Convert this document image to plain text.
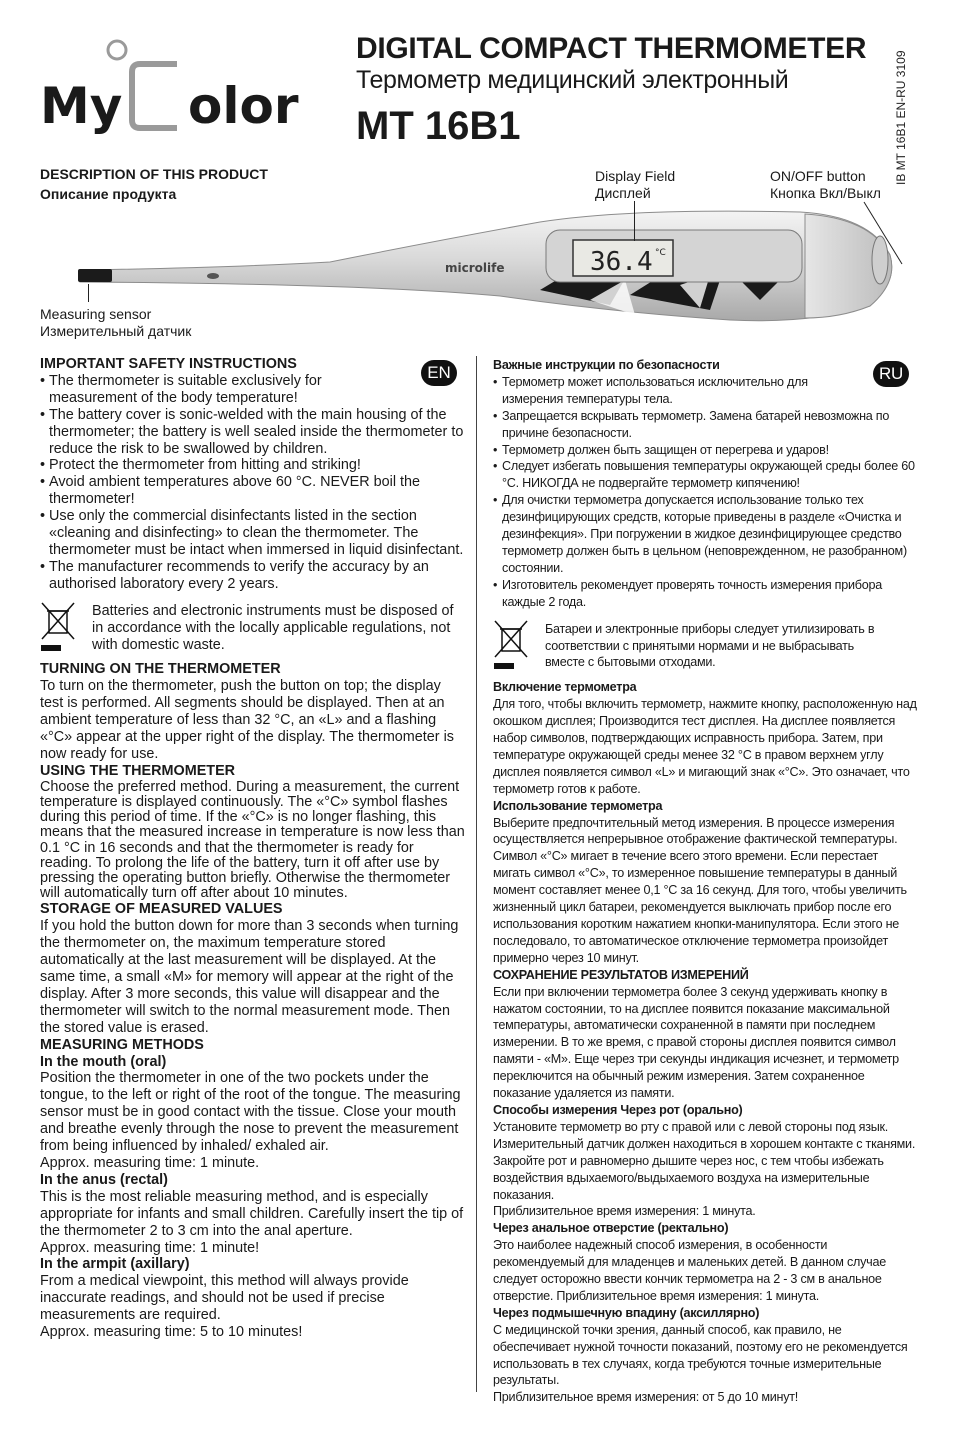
My olor
DIGITAL COMPACT THERMOMETER
Термометр медицинский электронный
MT 16B1	IB MT 16B1 EN-RU 3109
DESCRIPTION OF THIS PRODUCT
Описание продукта
Display Field
Дисплей
ON/OFF button
Кнопка Вкл/Выкл
Measuring sensor
Измерительный датчик
microlife	36.4 °C
EN
IMPORTANT SAFETY INSTRUCTIONS
• The thermometer is suitable exclusively for measurement of the body temperature!
• The battery cover is sonic-welded with the main housing of the thermometer; the battery is well sealed inside the thermometer to reduce the risk to be swallowed by children.
• Protect the thermometer from hitting and striking!
• Avoid ambient temperatures above 60 °C. NEVER boil the thermometer!
• Use only the commercial disinfectants listed in the section «cleaning and disinfecting» to clean the thermometer. The thermometer must be intact when immersed in liquid disinfectant.
• The manufacturer recommends to verify the accuracy by an authorised laboratory every 2 years.

Batteries and electronic instruments must be disposed of in accordance with the locally applicable regulations, not with domestic waste.

TURNING ON THE THERMOMETER

To turn on the thermometer, push the button on top; the display test is performed. All segments should be displayed. Then at an ambient temperature of less than 32 °C, an «L» and a flashing «°C» appear at the upper right of the display. The thermometer is now ready for use.

USING THE THERMOMETER

Choose the preferred method. During a measurement, the current temperature is displayed continuously. The «°C» symbol flashes during this period of time. If the «°C» is no longer flashing, this means that the measured increase in temperature is now less than 0.1 °C in 16 seconds and that the thermometer is ready for reading. To prolong the life of the battery, turn it off after use by pressing the operating button briefly. Otherwise the thermometer will automatically turn off after about 10 minutes.

STORAGE OF MEASURED VALUES

If you hold the button down for more than 3 seconds when turning the thermometer on, the maximum temperature stored automatically at the last measurement will be displayed. At the same time, a small «M» for memory will appear at the right of the display. After 3 more seconds, this value will disappear and the thermometer will switch to the normal measurement mode. Then the stored value is erased.

MEASURING METHODS
In the mouth (oral)

Position the thermometer in one of the two pockets under the tongue, to the left or right of the root of the tongue. The measuring sensor must be in good contact with the tissue. Close your mouth and breathe evenly through the nose to prevent the measurement from being influenced by inhaled/ exhaled air.

Approx. measuring time: 1 minute.

In the anus (rectal)

This is the most reliable measuring method, and is especially appropriate for infants and small children. Carefully insert the tip of the thermometer 2 to 3 cm into the anal aperture.

Approx. measuring time: 1 minute!

In the armpit (axillary)

From a medical viewpoint, this method will always provide inaccurate readings, and should not be used if precise measurements are required.

Approx. measuring time: 5 to 10 minutes!

RU
Важные инструкции по безопасности
• Термометр может использоваться исключительно для измерения температуры тела.
• Запрещается вскрывать термометр. Замена батарей невозможна по причине безопасности.
• Термометр должен быть защищен от перегрева и ударов!
• Следует избегать повышения температуры окружающей среды более 60 °C. НИКОГДА не подвергайте термометр кипячению!
• Для очистки термометра допускается использование только тех дезинфицирующих средств, которые приведены в разделе «Очистка и дезинфекция». При погружении в жидкое дезинфицирующее средство термометр должен быть в цельном (неповрежденном, не разобранном) состоянии.
• Изготовитель рекомендует проверять точность измерения прибора каждые 2 года.

Батареи и электронные приборы следует утилизировать в соответствии с принятыми нормами и не выбрасывать вместе с бытовыми отходами.

Включение термометра

Для того, чтобы включить термометр, нажмите кнопку, расположенную над окошком дисплея; Производится тест дисплея. На дисплее появляется набор символов, подтверждающих исправность прибора. Затем, при температуре окружающей среды менее 32 °C в правом верхнем углу дисплея появляется символ «L» и мигающий знак «°C». Это означает, что термометр готов к работе.

Использование термометра

Выберите предпочтительный метод измерения. В процессе измерения осуществляется непрерывное отображение фактической температуры. Символ «°C» мигает в течение всего этого времени. Если перестает мигать символ «°C», то измеренное повышение температуры в данный момент составляет менее 0,1 °C за 16 секунд. Для того, чтобы увеличить жизненный цикл батареи, рекомендуется выключать прибор после его использования коротким нажатием кнопки-манипулятора. Если этого не последовало, то автоматическое отключение термометра произойдет примерно через 10 минут.

СОХРАНЕНИЕ РЕЗУЛЬТАТОВ ИЗМЕРЕНИЙ

Если при включении термометра более 3 секунд удерживать кнопку в нажатом состоянии, то на дисплее появится показание максимальной температуры, автоматически сохраненной в памяти при последнем измерении. В то же время, с правой стороны дисплея появится символ памяти - «M». Еще через три секунды индикация исчезнет, и термометр переключится на обычный режим измерения. Затем сохраненное показание удаляется из памяти.

Способы измерения Через рот (орально)

Установите термометр во рту с правой или с левой стороны под язык. Измерительный датчик должен находиться в хорошем контакте с тканями. Закройте рот и равномерно дышите через нос, с тем чтобы избежать воздействия вдыхаемого/выдыхаемого воздуха на измерительные показания.

Приблизительное время измерения: 1 минута.

Через анальное отверстие (ректально)

Это наиболее надежный способ измерения, в особенности рекомендуемый для младенцев и маленьких детей. В данном случае следует осторожно ввести кончик термометра на 2 - 3 см в анальное отверстие. Приблизительное время измерения: 1 минута.

Через подмышечную впадину (аксиллярно)

С медицинской точки зрения, данный способ, как правило, не обеспечивает нужной точности показаний, поэтому его не рекомендуется использовать в тех случаях, когда требуются точные измерительные результаты.

Приблизительное время измерения: от 5 до 10 минут!
